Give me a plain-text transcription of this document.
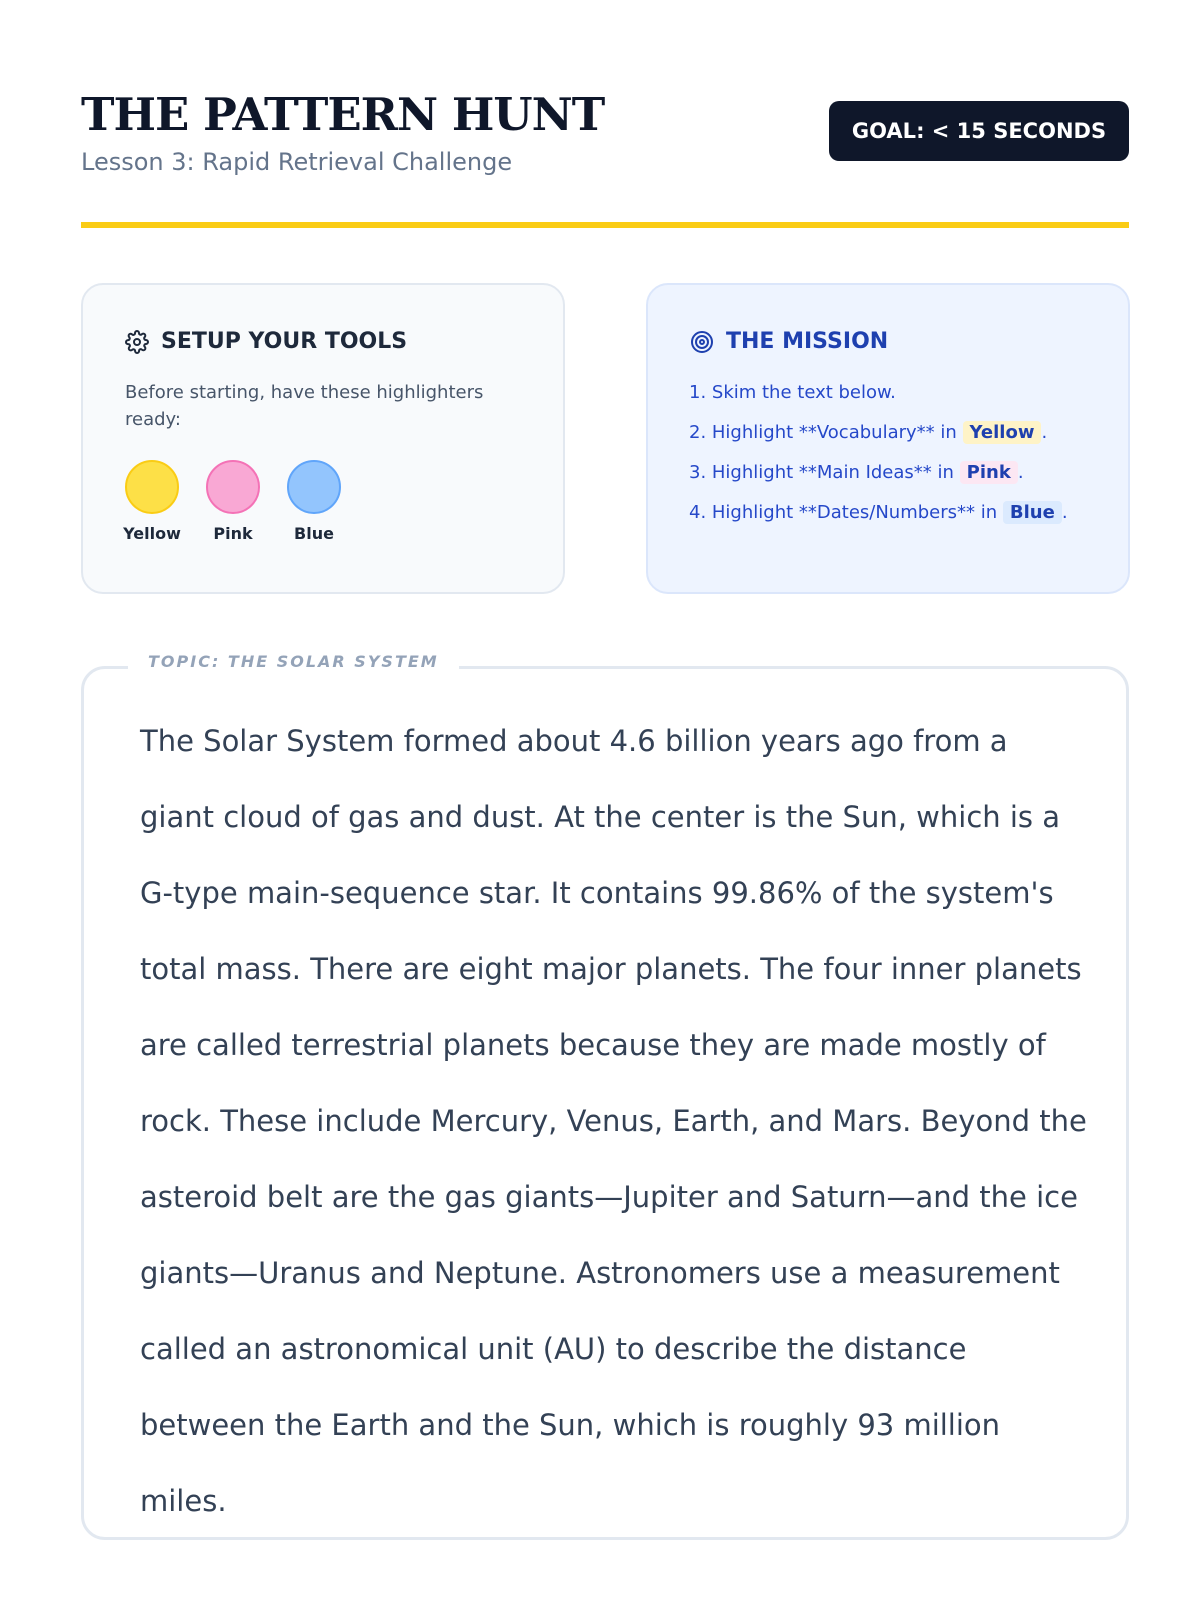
THE PATTERN HUNT
Lesson 3: Rapid Retrieval Challenge
GOAL: < 15 SECONDS
SETUP YOUR TOOLS
Before starting, have these highlighters ready:
Yellow Pink	Blue
THE MISSION
1. Skim the text below.
2. Highlight **Vocabulary** in Yellow .
3. Highlight **Main Ideas** in Pink .
4. Highlight **Dates/Numbers** in Blue .
TOPIC: THE SOLAR SYSTEM

The Solar System formed about 4.6 billion years ago from a giant cloud of gas and dust. At the center is the Sun, which is a G-type main-sequence star. It contains 99.86% of the system's total mass. There are eight major planets. The four inner planets are called terrestrial planets because they are made mostly of rock. These include Mercury, Venus, Earth, and Mars. Beyond the asteroid belt are the gas giants—Jupiter and Saturn—and the ice giants—Uranus and Neptune. Astronomers use a measurement called an astronomical unit (AU) to describe the distance between the Earth and the Sun, which is roughly 93 million miles.
